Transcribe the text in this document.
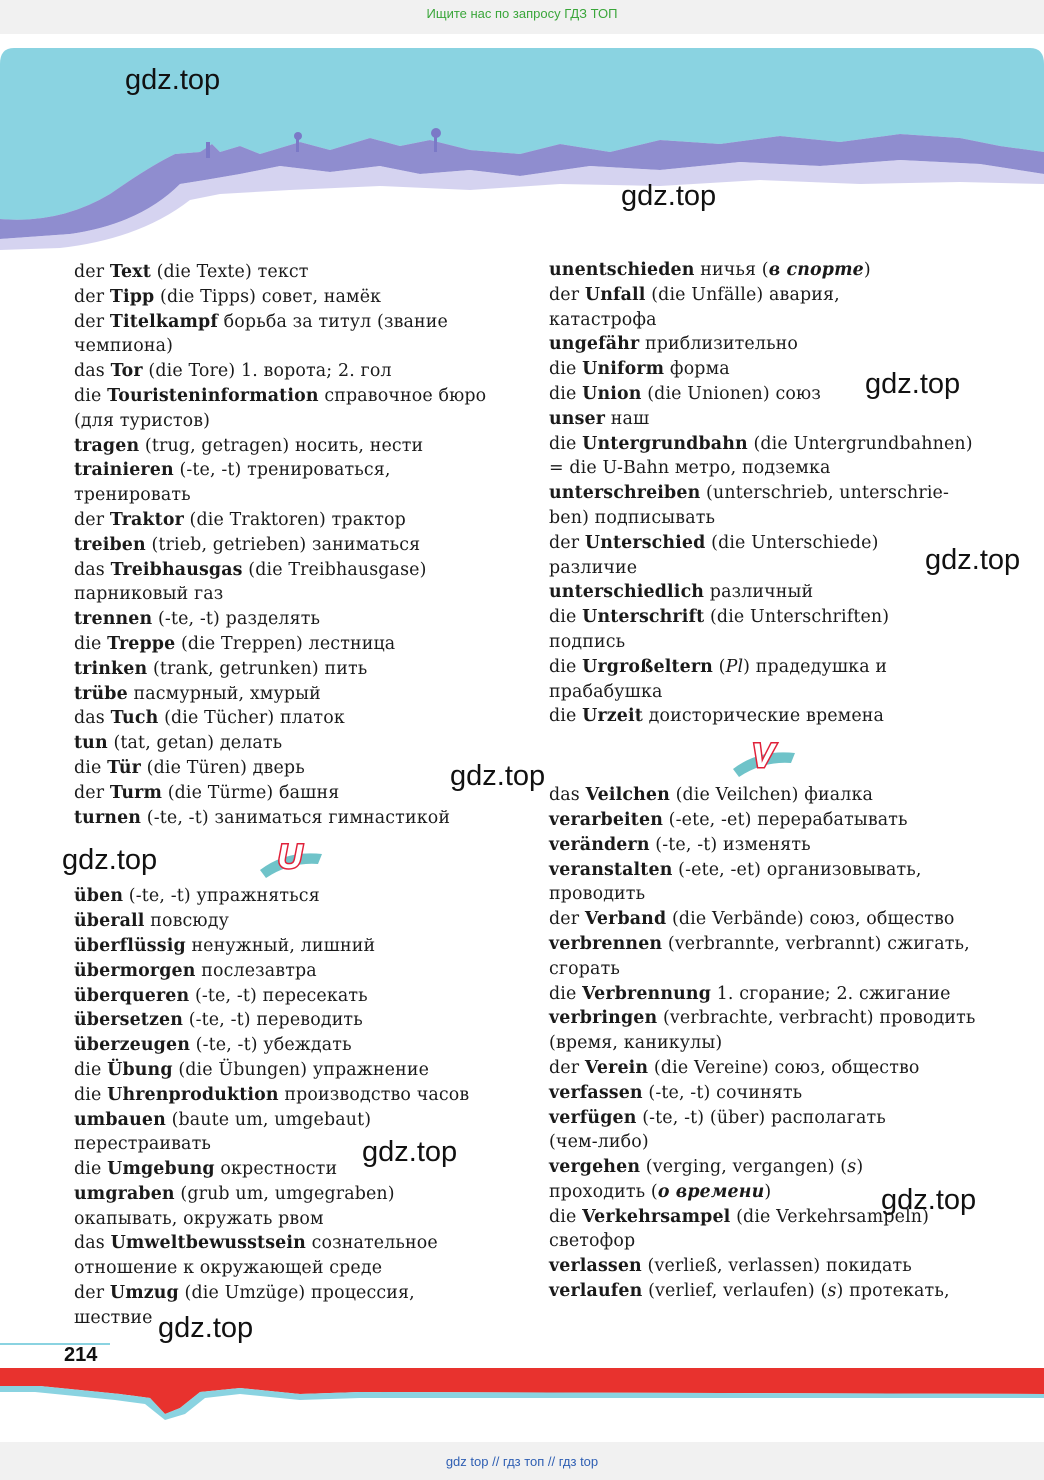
Ищите нас по запросу ГДЗ ТОП
gdz.top
gdz.top
gdz.top
gdz.top
gdz.top
gdz.top
gdz.top
gdz.top
gdz.top
der Text (die Texte) текст
der Tipp (die Tipps) совет, намёк
der Titelkampf борьба за титул (звание
чемпиона)
das Tor (die Tore) 1. ворота; 2. гол
die Touristeninformation справочное бюро
(для туристов)
tragen (trug, getragen) носить, нести
trainieren (-te, -t) тренироваться,
тренировать
der Traktor (die Traktoren) трактор
treiben (trieb, getrieben) заниматься
das Treibhausgas (die Treibhausgase)
парниковый газ
trennen (-te, -t) разделять
die Treppe (die Treppen) лестница
trinken (trank, getrunken) пить
trübe пасмурный, хмурый
das Tuch (die Tücher) платок
tun (tat, getan) делать
die Tür (die Türen) дверь
der Turm (die Türme) башня
turnen (-te, -t) заниматься гимнастикой
U
üben (-te, -t) упражняться
überall повсюду
überflüssig ненужный, лишний
übermorgen послезавтра
überqueren (-te, -t) пересекать
übersetzen (-te, -t) переводить
überzeugen (-te, -t) убеждать
die Übung (die Übungen) упражнение
die Uhrenproduktion производство часов
umbauen (baute um, umgebaut)
перестраивать
die Umgebung окрестности
umgraben (grub um, umgegraben)
окапывать, окружать рвом
das Umweltbewusstsein сознательное
отношение к окружающей среде
der Umzug (die Umzüge) процессия,
шествие
unentschieden ничья (в спорте)
der Unfall (die Unfälle) авария,
катастрофа
ungefähr приблизительно
die Uniform форма
die Union (die Unionen) союз
unser наш
die Untergrundbahn (die Untergrundbahnen)
= die U-Bahn метро, подземка
unterschreiben (unterschrieb, unterschrie-
ben) подписывать
der Unterschied (die Unterschiede)
различие
unterschiedlich различный
die Unterschrift (die Unterschriften)
подпись
die Urgroßeltern (Pl) прадедушка и
прабабушка
die Urzeit доисторические времена
V
das Veilchen (die Veilchen) фиалка
verarbeiten (-ete, -et) перерабатывать
verändern (-te, -t) изменять
veranstalten (-ete, -et) организовывать,
проводить
der Verband (die Verbände) союз, общество
verbrennen (verbrannte, verbrannt) сжигать,
сгорать
die Verbrennung 1. сгорание; 2. сжигание
verbringen (verbrachte, verbracht) проводить
(время, каникулы)
der Verein (die Vereine) союз, общество
verfassen (-te, -t) сочинять
verfügen (-te, -t) (über) располагать
(чем-либо)
vergehen (verging, vergangen) (s)
проходить (о времени)
die Verkehrsampel (die Verkehrsampeln)
светофор
verlassen (verließ, verlassen) покидать
verlaufen (verlief, verlaufen) (s) протекать,
214
gdz top // гдз топ // гдз top
